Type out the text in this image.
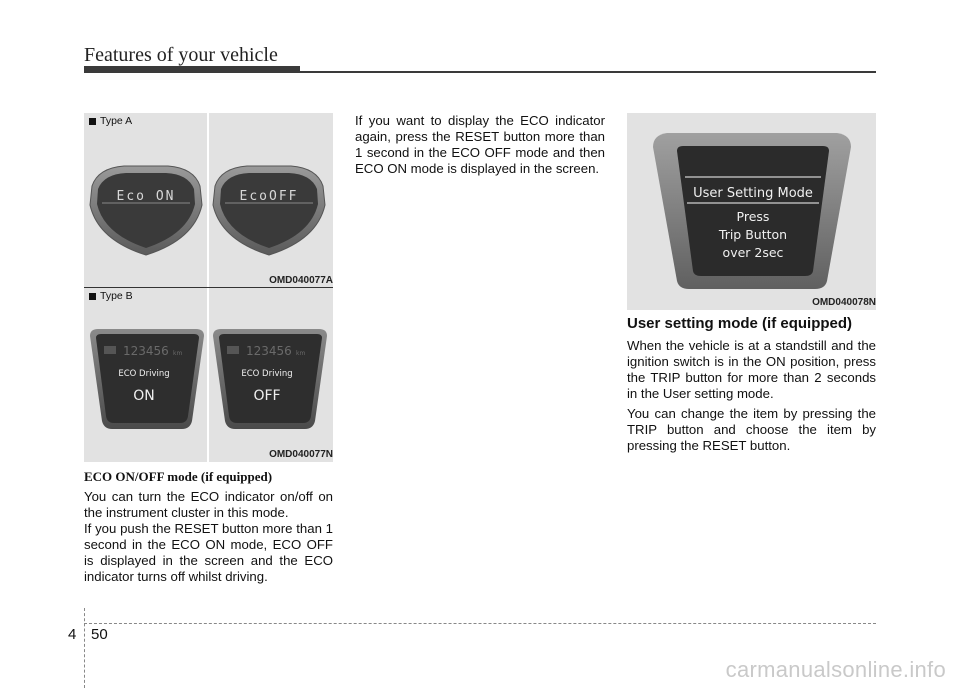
Features of your vehicle
Type A
Eco ON	EcoOFF
OMD040077A
Type B
123456 km
ECO Driving
ON
123456 km
ECO Driving
OFF
OMD040077N

ECO ON/OFF mode (if equipped)

You can turn the ECO indicator on/off on the instrument cluster in this mode.

If you push the RESET button more than 1 second in the ECO ON mode, ECO OFF is displayed in the screen and the ECO indicator turns off whilst driving.

If you want to display the ECO indicator again, press the RESET button more than 1 second in the ECO OFF mode and then ECO ON mode is displayed in the screen.

User Setting Mode
Press
Trip Button
over 2sec
OMD040078N

User setting mode (if equipped)

When the vehicle is at a standstill and the ignition switch is in the ON position, press the TRIP button for more than 2 seconds in the User setting mode.

You can change the item by pressing the TRIP button and choose the item by pressing the RESET button.

4 50
carmanualsonline.info
